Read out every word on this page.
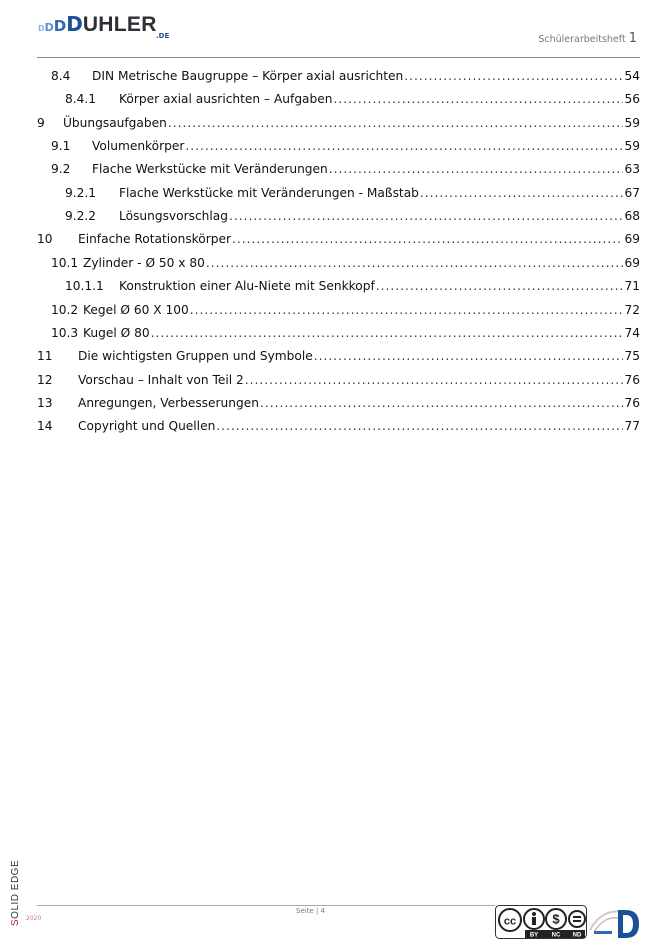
D D D D UHLER .DE	Schülerarbeitsheft 1
8.4	DIN Metrische Baugruppe – Körper axial ausrichten .....	54
8.4.1	Körper axial ausrichten – Aufgaben .....	56
9	Übungsaufgaben .....	59
9.1	Volumenkörper .....	59
9.2	Flache Werkstücke mit Veränderungen .....	63
9.2.1	Flache Werkstücke mit Veränderungen - Maßstab .....	67
9.2.2	Lösungsvorschlag .....	68
10	Einfache Rotationskörper .....	69
10.1 Zylinder - Ø 50 x 80 .....	69
10.1.1	Konstruktion einer Alu-Niete mit Senkkopf .....	71
10.2 Kegel Ø 60 X 100 .....	72
10.3 Kugel Ø 80 .....	74
11	Die wichtigsten Gruppen und Symbole .....	75
12	Vorschau – Inhalt von Teil 2 .....	76
13	Anregungen, Verbesserungen .....	76
14	Copyright und Quellen .....	77
SOLID EDGE 2020
Seite | 4
cc	$
BY NC ND
